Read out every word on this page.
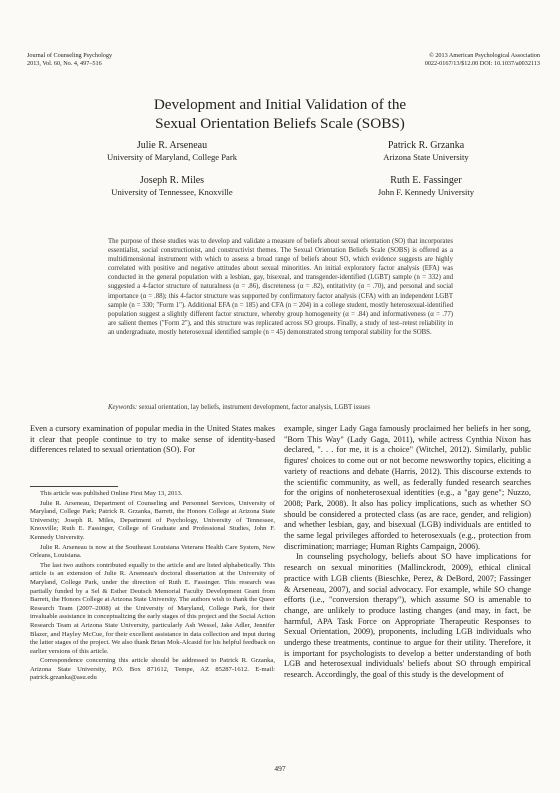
Journal of Counseling Psychology
2013, Vol. 60, No. 4, 497–516
© 2013 American Psychological Association
0022-0167/13/$12.00 DOI: 10.1037/a0032113
Development and Initial Validation of the
Sexual Orientation Beliefs Scale (SOBS)
Julie R. Arseneau
University of Maryland, College Park
Patrick R. Grzanka
Arizona State University
Joseph R. Miles
University of Tennessee, Knoxville
Ruth E. Fassinger
John F. Kennedy University
The purpose of these studies was to develop and validate a measure of beliefs about sexual orientation (SO) that incorporates essentialist, social constructionist, and constructivist themes. The Sexual Orientation Beliefs Scale (SOBS) is offered as a multidimensional instrument with which to assess a broad range of beliefs about SO, which evidence suggests are highly correlated with positive and negative attitudes about sexual minorities. An initial exploratory factor analysis (EFA) was conducted in the general population with a lesbian, gay, bisexual, and transgender-identified (LGBT) sample (n = 332) and suggested a 4-factor structure of naturalness (α = .86), discreteness (α = .82), entitativity (α = .70), and personal and social importance (α = .88); this 4-factor structure was supported by confirmatory factor analysis (CFA) with an independent LGBT sample (n = 330; "Form 1"). Additional EFA (n = 185) and CFA (n = 204) in a college student, mostly heterosexual-identified population suggest a slightly different factor structure, whereby group homogeneity (α = .84) and informativeness (α = .77) are salient themes ("Form 2"), and this structure was replicated across SO groups. Finally, a study of test–retest reliability in an undergraduate, mostly heterosexual identified sample (n = 45) demonstrated strong temporal stability for the SOBS.
Keywords: sexual orientation, lay beliefs, instrument development, factor analysis, LGBT issues

Even a cursory examination of popular media in the United States makes it clear that people continue to try to make sense of identity-based differences related to sexual orientation (SO). For

This article was published Online First May 13, 2013.

Julie R. Arseneau, Department of Counseling and Personnel Services, University of Maryland, College Park; Patrick R. Grzanka, Barrett, the Honors College at Arizona State University; Joseph R. Miles, Department of Psychology, University of Tennessee, Knoxville; Ruth E. Fassinger, College of Graduate and Professional Studies, John F. Kennedy University.

Julie R. Arseneau is now at the Southeast Louisiana Veterans Health Care System, New Orleans, Louisiana.

The last two authors contributed equally to the article and are listed alphabetically. This article is an extension of Julie R. Arseneau's doctoral dissertation at the University of Maryland, College Park, under the direction of Ruth E. Fassinger. This research was partially funded by a Sel & Esther Deutsch Memorial Faculty Development Grant from Barrett, the Honors College at Arizona State University. The authors wish to thank the Queer Research Team (2007–2008) at the University of Maryland, College Park, for their invaluable assistance in conceptualizing the early stages of this project and the Social Action Research Team at Arizona State University, particularly Ash Wessel, Jake Adler, Jennifer Blazer, and Hayley McCue, for their excellent assistance in data collection and input during the latter stages of the project. We also thank Brian Mok-Alcasid for his helpful feedback on earlier versions of this article.

Correspondence concerning this article should be addressed to Patrick R. Grzanka, Arizona State University, P.O. Box 871612, Tempe, AZ 85287-1612. E-mail: patrick.grzanka@asu.edu

example, singer Lady Gaga famously proclaimed her beliefs in her song, "Born This Way" (Lady Gaga, 2011), while actress Cynthia Nixon has declared, ". . . for me, it is a choice" (Witchel, 2012). Similarly, public figures' choices to come out or not become newsworthy topics, eliciting a variety of reactions and debate (Harris, 2012). This discourse extends to the scientific community, as well, as federally funded research searches for the origins of nonheterosexual identities (e.g., a "gay gene"; Nuzzo, 2008; Park, 2008). It also has policy implications, such as whether SO should be considered a protected class (as are race, gender, and religion) and whether lesbian, gay, and bisexual (LGB) individuals are entitled to the same legal privileges afforded to heterosexuals (e.g., protection from discrimination; marriage; Human Rights Campaign, 2006).

In counseling psychology, beliefs about SO have implications for research on sexual minorities (Mallinckrodt, 2009), ethical clinical practice with LGB clients (Bieschke, Perez, & DeBord, 2007; Fassinger & Arseneau, 2007), and social advocacy. For example, while SO change efforts (i.e., "conversion therapy"), which assume SO is amenable to change, are unlikely to produce lasting changes (and may, in fact, be harmful, APA Task Force on Appropriate Therapeutic Responses to Sexual Orientation, 2009), proponents, including LGB individuals who undergo these treatments, continue to argue for their utility. Therefore, it is important for psychologists to develop a better understanding of both LGB and heterosexual individuals' beliefs about SO through empirical research. Accordingly, the goal of this study is the development of

497
